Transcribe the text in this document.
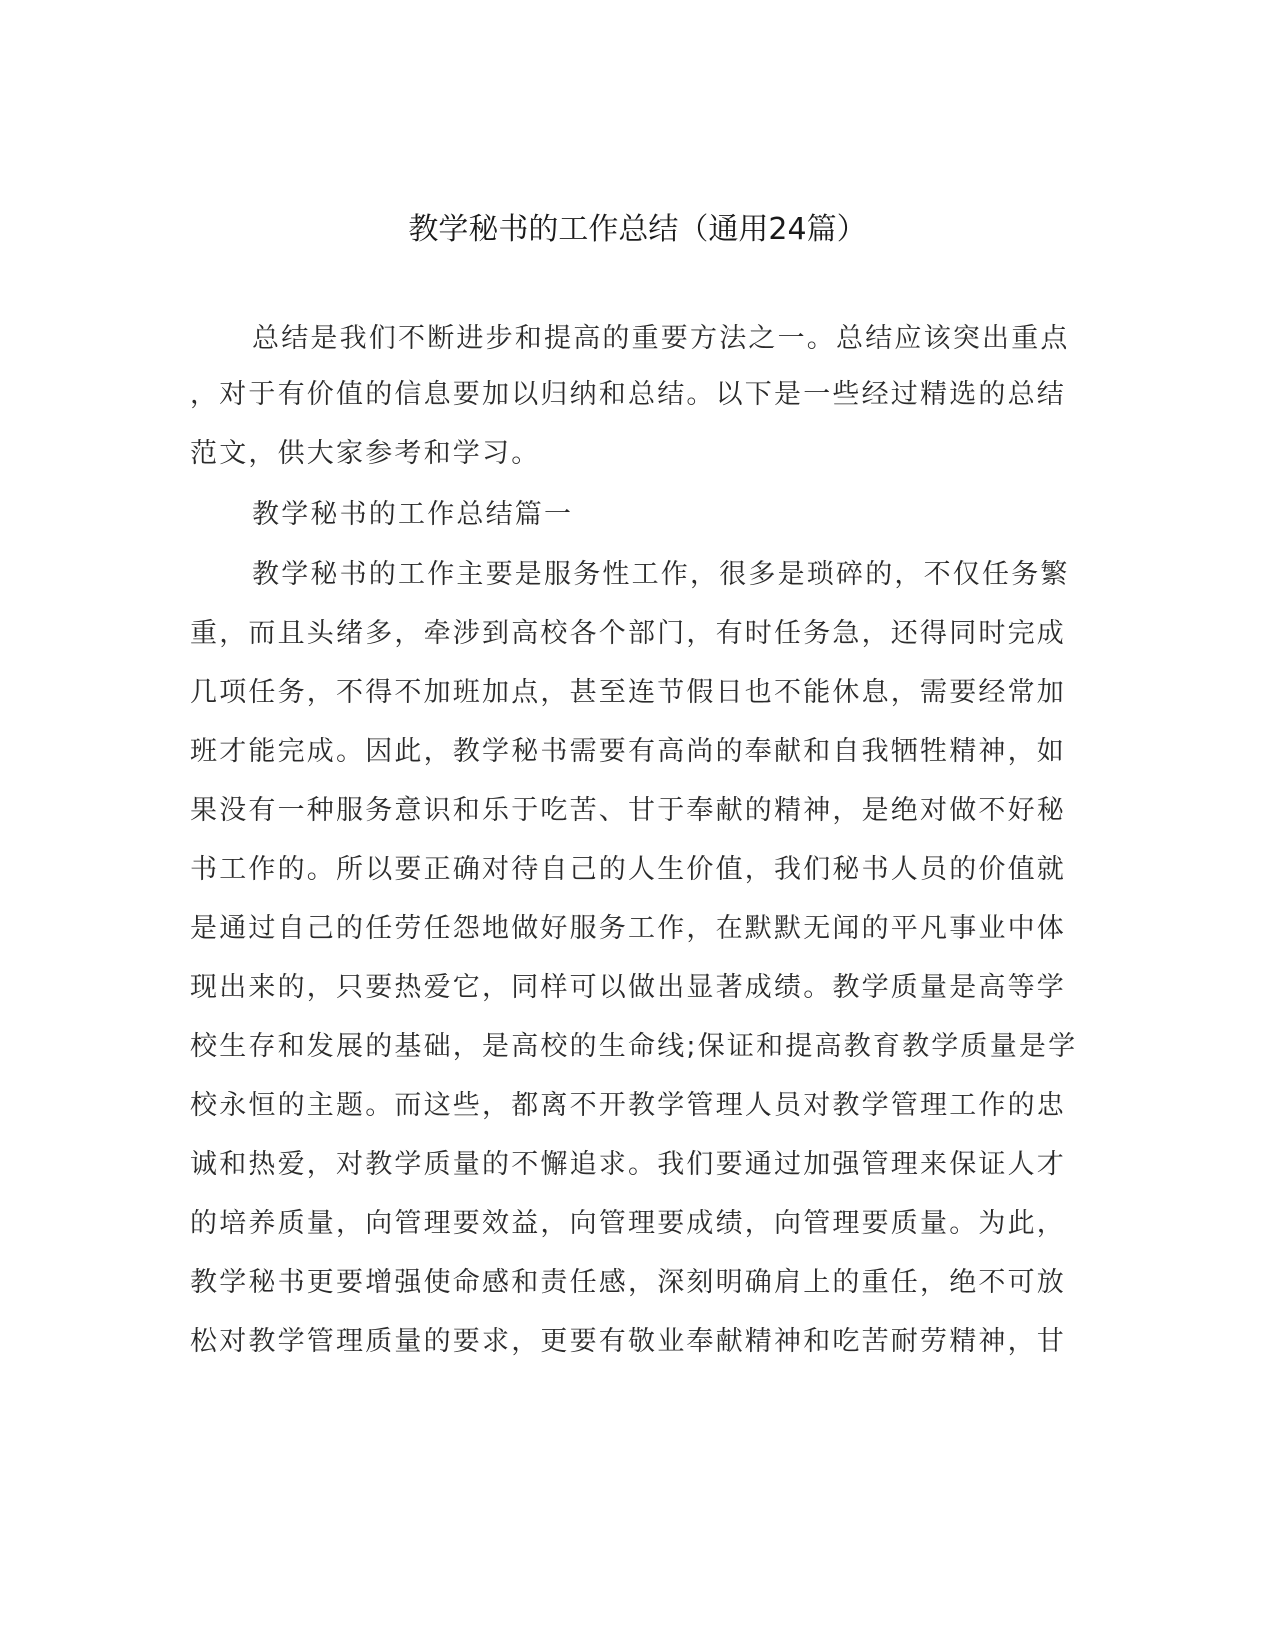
教学秘书的工作总结（通用24篇）
总结是我们不断进步和提高的重要方法之一。总结应该突出重点
，对于有价值的信息要加以归纳和总结。以下是一些经过精选的总结
范文，供大家参考和学习。
教学秘书的工作总结篇一
教学秘书的工作主要是服务性工作，很多是琐碎的，不仅任务繁
重，而且头绪多，牵涉到高校各个部门，有时任务急，还得同时完成
几项任务，不得不加班加点，甚至连节假日也不能休息，需要经常加
班才能完成。因此，教学秘书需要有高尚的奉献和自我牺牲精神，如
果没有一种服务意识和乐于吃苦、甘于奉献的精神，是绝对做不好秘
书工作的。所以要正确对待自己的人生价值，我们秘书人员的价值就
是通过自己的任劳任怨地做好服务工作，在默默无闻的平凡事业中体
现出来的，只要热爱它，同样可以做出显著成绩。教学质量是高等学
校生存和发展的基础，是高校的生命线;保证和提高教育教学质量是学
校永恒的主题。而这些，都离不开教学管理人员对教学管理工作的忠
诚和热爱，对教学质量的不懈追求。我们要通过加强管理来保证人才
的培养质量，向管理要效益，向管理要成绩，向管理要质量。为此，
教学秘书更要增强使命感和责任感，深刻明确肩上的重任，绝不可放
松对教学管理质量的要求，更要有敬业奉献精神和吃苦耐劳精神，甘
